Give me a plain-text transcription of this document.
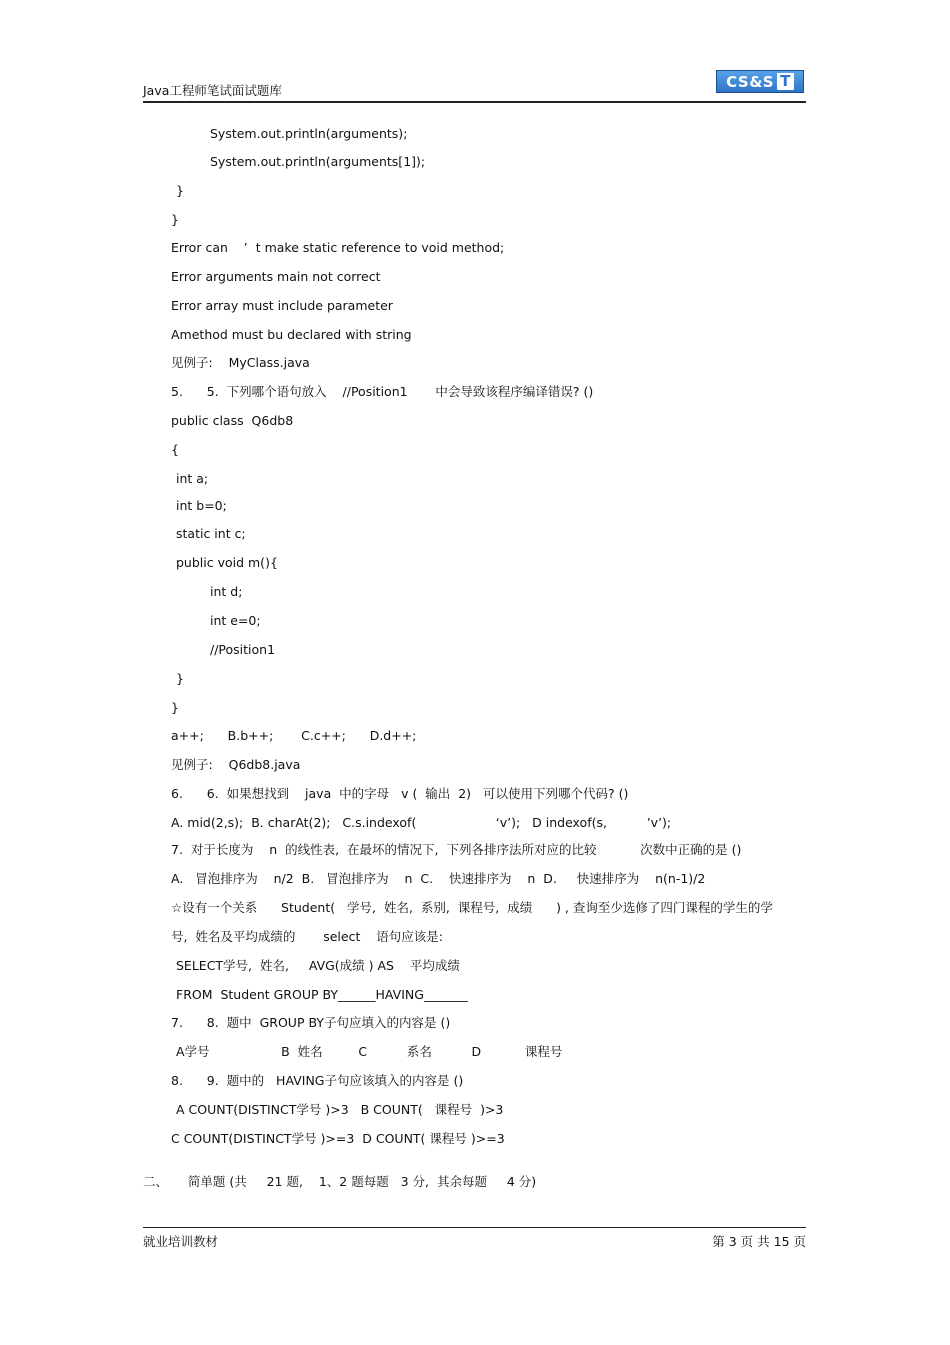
Java工程师笔试面试题库	CS&S T
System.out.println(arguments);
System.out.println(arguments[1]);
}
}
Error can    ’  t make static reference to void method;
Error arguments main not correct
Error array must include parameter
Amethod must bu declared with string
见例子:    MyClass.java
5.      5.  下列哪个语句放入    //Position1       中会导致该程序编译错误? ()
public class  Q6db8
{
int a;
int b=0;
static int c;
public void m(){
int d;
int e=0;
//Position1
}
}
a++;      B.b++;       C.c++;      D.d++;
见例子:    Q6db8.java
6.      6.  如果想找到    java  中的字母   v (  输出  2)   可以使用下列哪个代码? ()
A. mid(2,s);  B. charAt(2);   C.s.indexof(                    ‘v’);   D indexof(s,          ’v’);
7.  对于长度为    n  的线性表,  在最坏的情况下,  下列各排序法所对应的比较           次数中正确的是 ()
A.   冒泡排序为    n/2  B.   冒泡排序为    n  C.    快速排序为    n  D.     快速排序为    n(n-1)/2
☆设有一个关系      Student(   学号,  姓名,  系别,  课程号,  成绩      ) , 查询至少选修了四门课程的学生的学
号,  姓名及平均成绩的       select    语句应该是:
SELECT学号,  姓名,     AVG(成绩 ) AS    平均成绩
FROM  Student GROUP BY______HAVING_______
7.      8.  题中  GROUP BY子句应填入的内容是 ()
A学号                  B  姓名         C          系名          D           课程号
8.      9.  题中的   HAVING子句应该填入的内容是 ()
A COUNT(DISTINCT学号 )>3   B COUNT(   课程号  )>3
C COUNT(DISTINCT学号 )>=3  D COUNT( 课程号 )>=3
二、     简单题 (共     21 题,    1、2 题每题   3 分,  其余每题     4 分)
就业培训教材	第 3 页 共 15 页
